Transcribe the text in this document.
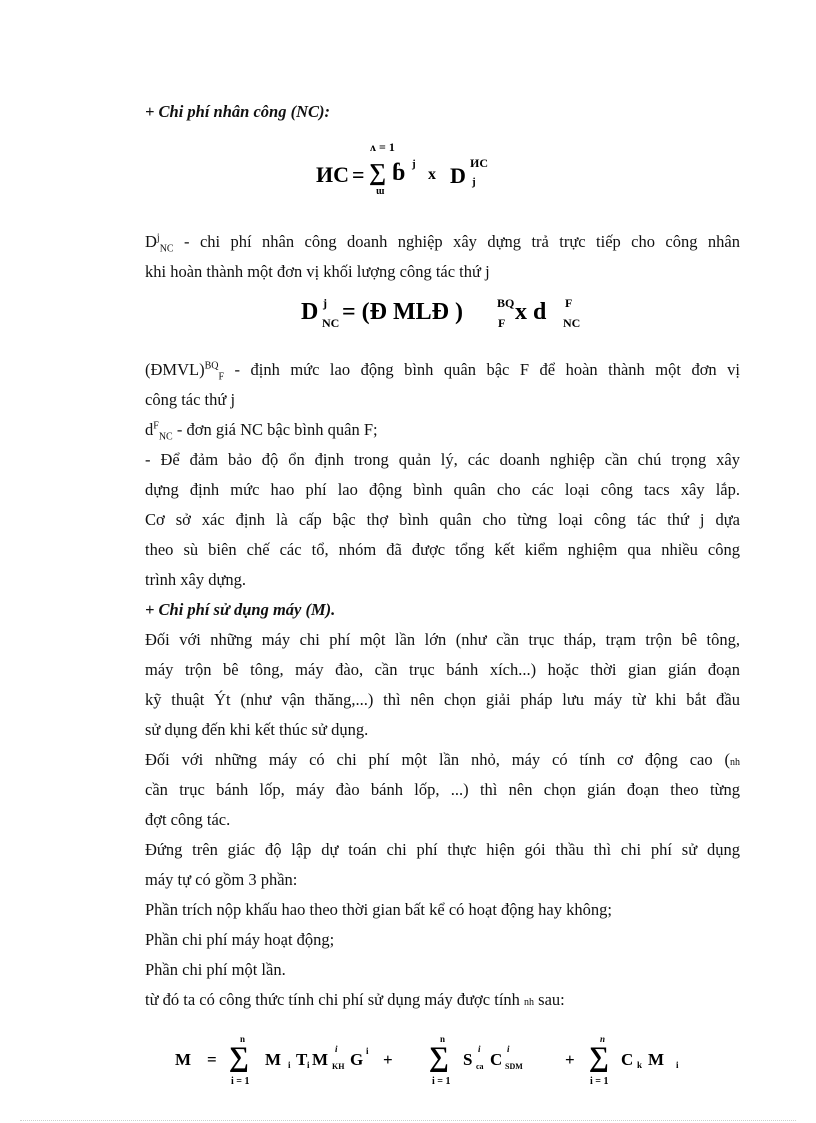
+ Chi phí nhân công (NC):
ʌ = 1
ИС = ∑
ɯ
ɓ j
x D ИС
j
$D^j_{NC}$ - chi phí nhân công doanh nghiệp xây dựng trả trực tiếp cho công nhân
khi hoàn thành một đơn vị khối lượng công tác thứ j
D j
NC = (Đ MLĐ )	BQ
F x d F
NC
(ĐMVL)$^{BQ}_F$ - định mức lao động bình quân bậc F để hoàn thành một đơn vị
công tác thứ j
$d^F_{NC}$ - đơn giá NC bậc bình quân F;
- Để đảm bảo độ ổn định trong quản lý, các doanh nghiệp cần chú trọng xây
dựng định mức hao phí lao động bình quân cho các loại công tacs xây lắp.
Cơ sở xác định là cấp bậc thợ bình quân cho từng loại công tác thứ j dựa
theo sù biên chế các tổ, nhóm đã được tổng kết kiểm nghiệm qua nhiều công
trình xây dựng.
+ Chi phí sử dụng máy (M).
Đối với những máy chi phí một lần lớn (như cần trục tháp, trạm trộn bê tông,
máy trộn bê tông, máy đào, cần trục bánh xích...) hoặc thời gian gián đoạn
kỹ thuật Ýt (như vận thăng,...) thì nên chọn giải pháp lưu máy từ khi bắt đầu
sử dụng đến khi kết thúc sử dụng.
Đối với những máy có chi phí một lần nhỏ, máy có tính cơ động cao (nh
cần trục bánh lốp, máy đào bánh lốp, ...) thì nên chọn gián đoạn theo từng
đợt công tác.
Đứng trên giác độ lập dự toán chi phí thực hiện gói thầu thì chi phí sử dụng
máy tự có gồm 3 phần:
Phần trích nộp khấu hao theo thời gian bất kể có hoạt động hay không;
Phần chi phí máy hoạt động;
Phần chi phí một lần.
từ đó ta có công thức tính chi phí sử dụng máy được tính nh sau:
M =
n
∑
i = 1
M i T i M
i
KH G i +
n
∑
i = 1
S
i
ca C
i
SDM +
n
∑
i = 1
C k M i
